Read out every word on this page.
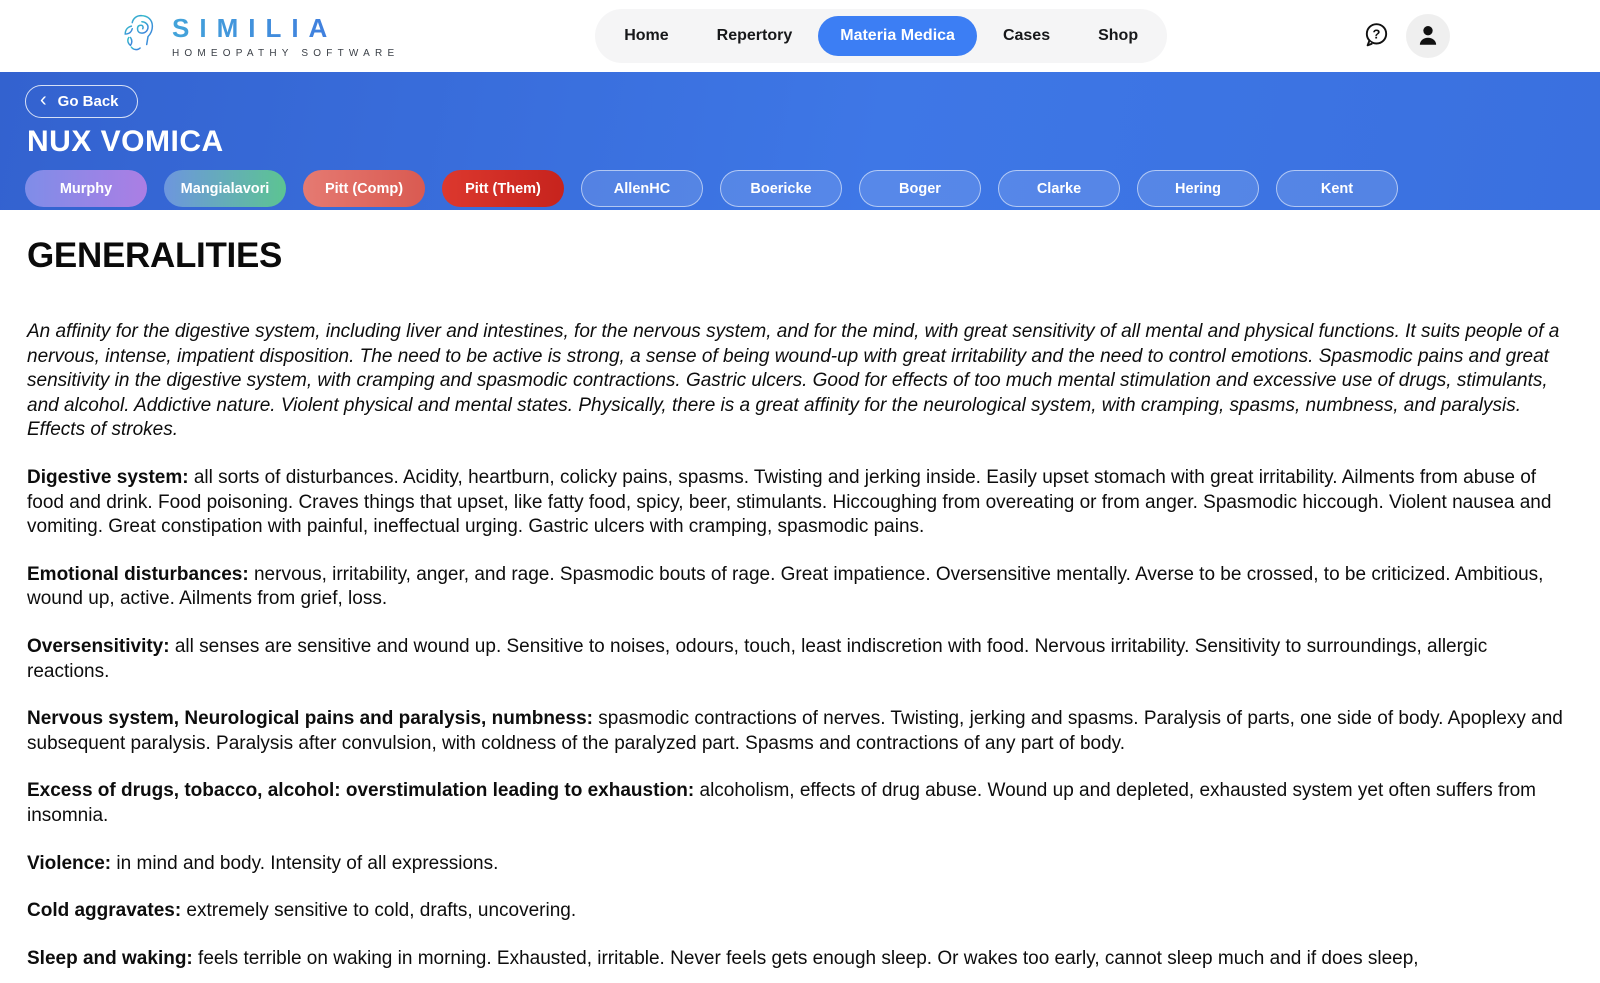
SIMILIA
HOMEOPATHY SOFTWARE
Home	Repertory	Materia Medica	Cases	Shop	?
‹ Go Back
NUX VOMICA
Murphy	Mangialavori	Pitt (Comp)	Pitt (Them)	AllenHC	Boericke	Boger	Clarke	Hering	Kent
GENERALITIES

An affinity for the digestive system, including liver and intestines, for the nervous system, and for the mind, with great sensitivity of all mental and physical functions. It suits people of a nervous, intense, impatient disposition. The need to be active is strong, a sense of being wound-up with great irritability and the need to control emotions. Spasmodic pains and great sensitivity in the digestive system, with cramping and spasmodic contractions. Gastric ulcers. Good for effects of too much mental stimulation and excessive use of drugs, stimulants, and alcohol. Addictive nature. Violent physical and mental states. Physically, there is a great affinity for the neurological system, with cramping, spasms, numbness, and paralysis. Effects of strokes.

Digestive system: all sorts of disturbances. Acidity, heartburn, colicky pains, spasms. Twisting and jerking inside. Easily upset stomach with great irritability. Ailments from abuse of food and drink. Food poisoning. Craves things that upset, like fatty food, spicy, beer, stimulants. Hiccoughing from overeating or from anger. Spasmodic hiccough. Violent nausea and vomiting. Great constipation with painful, ineffectual urging. Gastric ulcers with cramping, spasmodic pains.

Emotional disturbances: nervous, irritability, anger, and rage. Spasmodic bouts of rage. Great impatience. Oversensitive mentally. Averse to be crossed, to be criticized. Ambitious, wound up, active. Ailments from grief, loss.

Oversensitivity: all senses are sensitive and wound up. Sensitive to noises, odours, touch, least indiscretion with food. Nervous irritability. Sensitivity to surroundings, allergic reactions.

Nervous system, Neurological pains and paralysis, numbness: spasmodic contractions of nerves. Twisting, jerking and spasms. Paralysis of parts, one side of body. Apoplexy and subsequent paralysis. Paralysis after convulsion, with coldness of the paralyzed part. Spasms and contractions of any part of body.

Excess of drugs, tobacco, alcohol: overstimulation leading to exhaustion: alcoholism, effects of drug abuse. Wound up and depleted, exhausted system yet often suffers from insomnia.

Violence: in mind and body. Intensity of all expressions.

Cold aggravates: extremely sensitive to cold, drafts, uncovering.

Sleep and waking: feels terrible on waking in morning. Exhausted, irritable. Never feels gets enough sleep. Or wakes too early, cannot sleep much and if does sleep,
